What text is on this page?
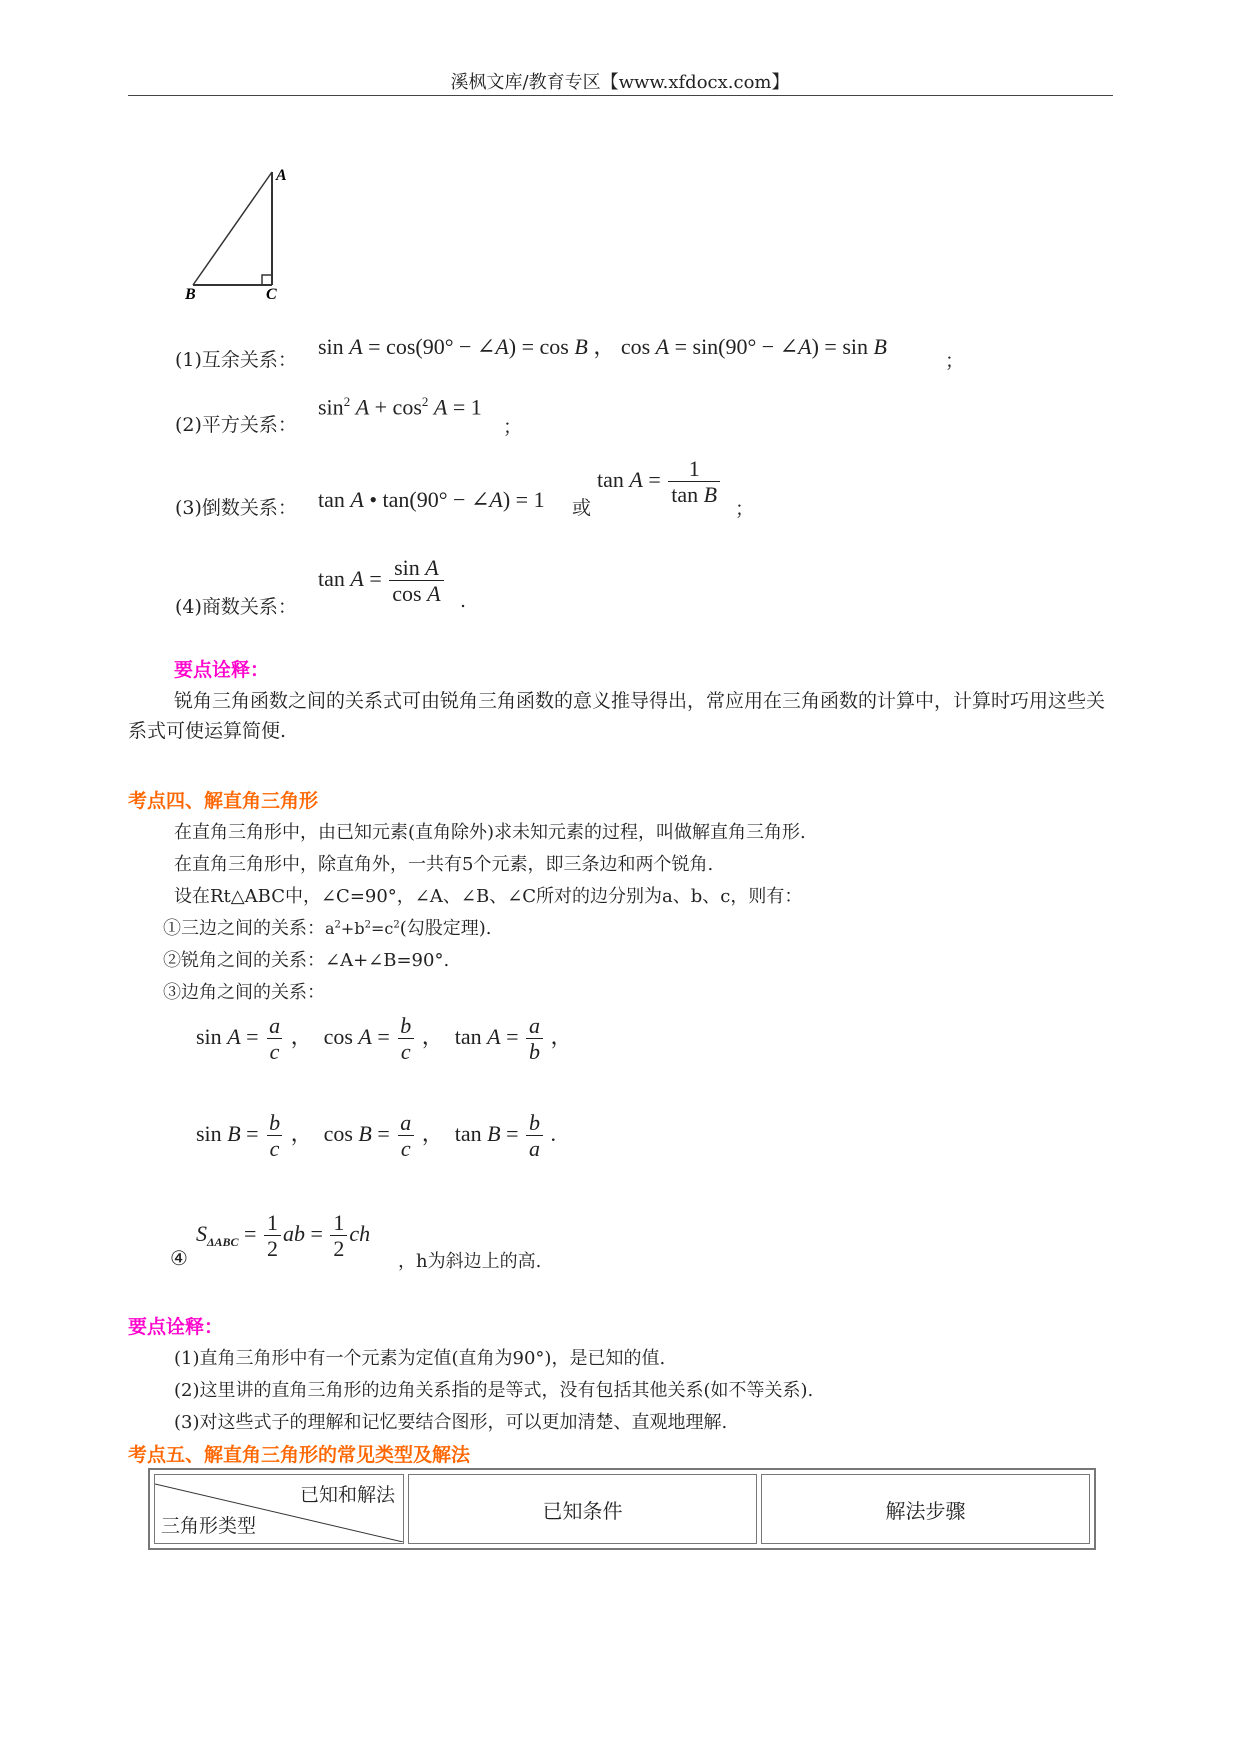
溪枫文库/教育专区【www.xfdocx.com】
A
B	C
(1)互余关系：
sin A = cos(90° − ∠A) = cos B ， cos A = sin(90° − ∠A) = sin B
；
(2)平方关系：
$\sin^2 A + \cos^2 A = 1$
；
(3)倒数关系： tan A • tan(90° − ∠A) = 1 或
$\tan A = \frac{1}{\text{tan B}}$
；
(4)商数关系：
$\tan A = \frac{\text{sin A}}{\text{cos A}}$ .
要点诠释：
锐角三角函数之间的关系式可由锐角三角函数的意义推导得出，常应用在三角函数的计算中，计算时巧用这些关系式可使运算简便.
考点四、解直角三角形
在直角三角形中，由已知元素(直角除外)求未知元素的过程，叫做解直角三角形.
在直角三角形中，除直角外，一共有5个元素，即三条边和两个锐角.
设在Rt△ABC中，∠C=90°，∠A、∠B、∠C所对的边分别为a、b、c，则有：
①三边之间的关系：$a^2+b^2=c^2$(勾股定理).
②锐角之间的关系：∠A+∠B=90°.
③边角之间的关系：
$\sin A = \frac{a}{c}$ ，  $\cos A = \frac{b}{c}$ ，  $\tan A = \frac{a}{b}$ ，
$\sin B = \frac{b}{c}$ ，  $\cos B = \frac{a}{c}$ ，  $\tan B = \frac{b}{a}$ .
④
$S_{\Delta ABC} = \frac{1}{2}$ ab = $\frac{1}{2}$ ch
，h为斜边上的高.
要点诠释：
(1)直角三角形中有一个元素为定值(直角为90°)，是已知的值.
(2)这里讲的直角三角形的边角关系指的是等式，没有包括其他关系(如不等关系).
(3)对这些式子的理解和记忆要结合图形，可以更加清楚、直观地理解.
考点五、解直角三角形的常见类型及解法
已知和解法
三角形类型
	已知条件	解法步骤
